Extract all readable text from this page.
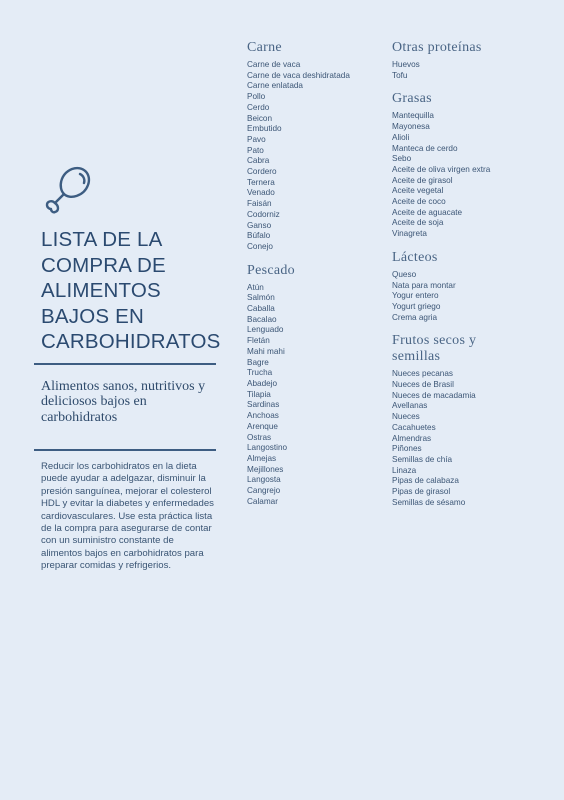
LISTA DE LA
COMPRA DE
ALIMENTOS
BAJOS EN
CARBOHIDRATOS

Alimentos sanos, nutritivos y deliciosos bajos en carbohidratos

Reducir los carbohidratos en la dieta puede ayudar a adelgazar, disminuir la presión sanguínea, mejorar el colesterol HDL y evitar la diabetes y enfermedades cardiovasculares. Use esta práctica lista de la compra para asegurarse de contar con un suministro constante de alimentos bajos en carbohidratos para preparar comidas y refrigerios.

Carne
Carne de vaca
Carne de vaca deshidratada
Carne enlatada
Pollo
Cerdo
Beicon
Embutido
Pavo
Pato
Cabra
Cordero
Ternera
Venado
Faisán
Codorniz
Ganso
Búfalo
Conejo
Pescado
Atún
Salmón
Caballa
Bacalao
Lenguado
Fletán
Mahi mahi
Bagre
Trucha
Abadejo
Tilapia
Sardinas
Anchoas
Arenque
Ostras
Langostino
Almejas
Mejillones
Langosta
Cangrejo
Calamar
Otras proteínas
Huevos
Tofu
Grasas
Mantequilla
Mayonesa
Alioli
Manteca de cerdo
Sebo
Aceite de oliva virgen extra
Aceite de girasol
Aceite vegetal
Aceite de coco
Aceite de aguacate
Aceite de soja
Vinagreta
Lácteos
Queso
Nata para montar
Yogur entero
Yogurt griego
Crema agria
Frutos secos y semillas
Nueces pecanas
Nueces de Brasil
Nueces de macadamia
Avellanas
Nueces
Cacahuetes
Almendras
Piñones
Semillas de chía
Linaza
Pipas de calabaza
Pipas de girasol
Semillas de sésamo
